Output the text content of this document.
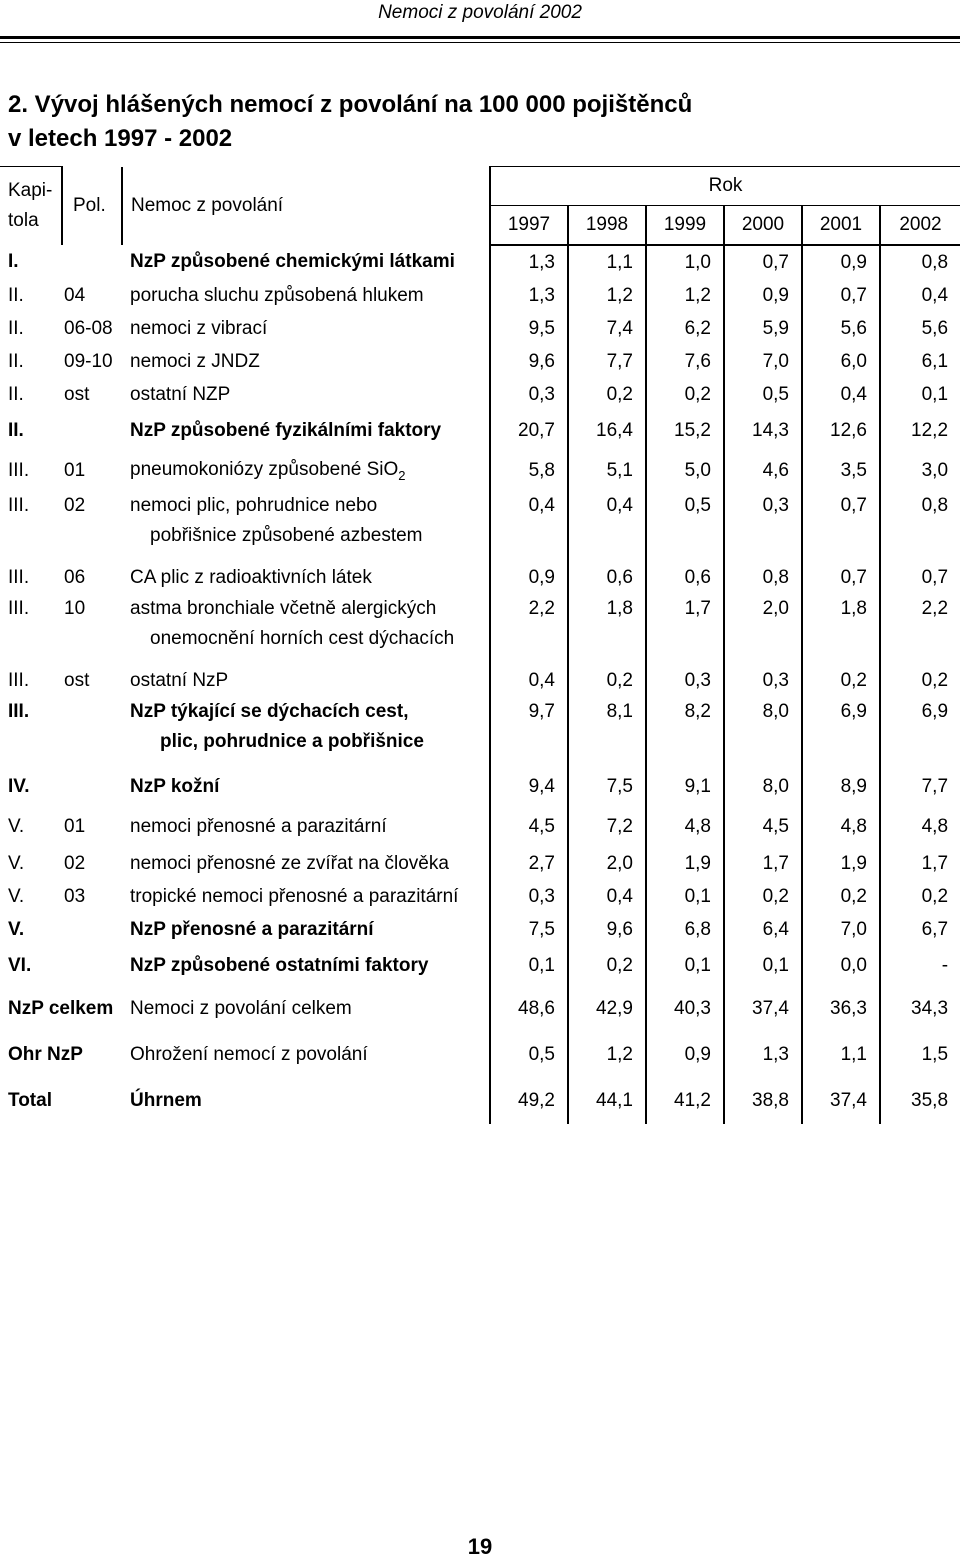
Nemoci z povolání 2002
2. Vývoj hlášených nemocí z povolání na 100 000 pojištěnců
v letech 1997 - 2002
Kapi-
tola	Pol.	Nemoc z povolání	Rok					
			1997	1998	1999	2000	2001	2002
I.		NzP způsobené chemickými látkami	1,3	1,1	1,0	0,7	0,9	0,8
II.	04	porucha sluchu způsobená hlukem	1,3	1,2	1,2	0,9	0,7	0,4
II.	06-08	nemoci z vibrací	9,5	7,4	6,2	5,9	5,6	5,6
II.	09-10	nemoci z JNDZ	9,6	7,7	7,6	7,0	6,0	6,1
II.	ost	ostatní NZP	0,3	0,2	0,2	0,5	0,4	0,1
II.		NzP způsobené fyzikálními faktory	20,7	16,4	15,2	14,3	12,6	12,2
III.	01	pneumokoniózy způsobené SiO$_2$	5,8	5,1	5,0	4,6	3,5	3,0
III.	02	nemoci plic, pohrudnice nebo
pobřišnice způsobené azbestem	0,4	0,4	0,5	0,3	0,7	0,8
III.	06	CA plic z radioaktivních látek	0,9	0,6	0,6	0,8	0,7	0,7
III.	10	astma bronchiale včetně alergických
onemocnění horních cest dýchacích	2,2	1,8	1,7	2,0	1,8	2,2
III.	ost	ostatní NzP	0,4	0,2	0,3	0,3	0,2	0,2
III.		NzP týkající se dýchacích cest,
plic, pohrudnice a pobřišnice	9,7	8,1	8,2	8,0	6,9	6,9
IV.		NzP kožní	9,4	7,5	9,1	8,0	8,9	7,7
V.	01	nemoci přenosné a parazitární	4,5	7,2	4,8	4,5	4,8	4,8
V.	02	nemoci přenosné ze zvířat na člověka	2,7	2,0	1,9	1,7	1,9	1,7
V.	03	tropické nemoci přenosné a parazitární	0,3	0,4	0,1	0,2	0,2	0,2
V.		NzP přenosné a parazitární	7,5	9,6	6,8	6,4	7,0	6,7
VI.		NzP způsobené ostatními faktory	0,1	0,2	0,1	0,1	0,0	-
NzP celkem		Nemoci z povolání celkem	48,6	42,9	40,3	37,4	36,3	34,3
Ohr NzP		Ohrožení nemocí z povolání	0,5	1,2	0,9	1,3	1,1	1,5
Total		Úhrnem	49,2	44,1	41,2	38,8	37,4	35,8
19
